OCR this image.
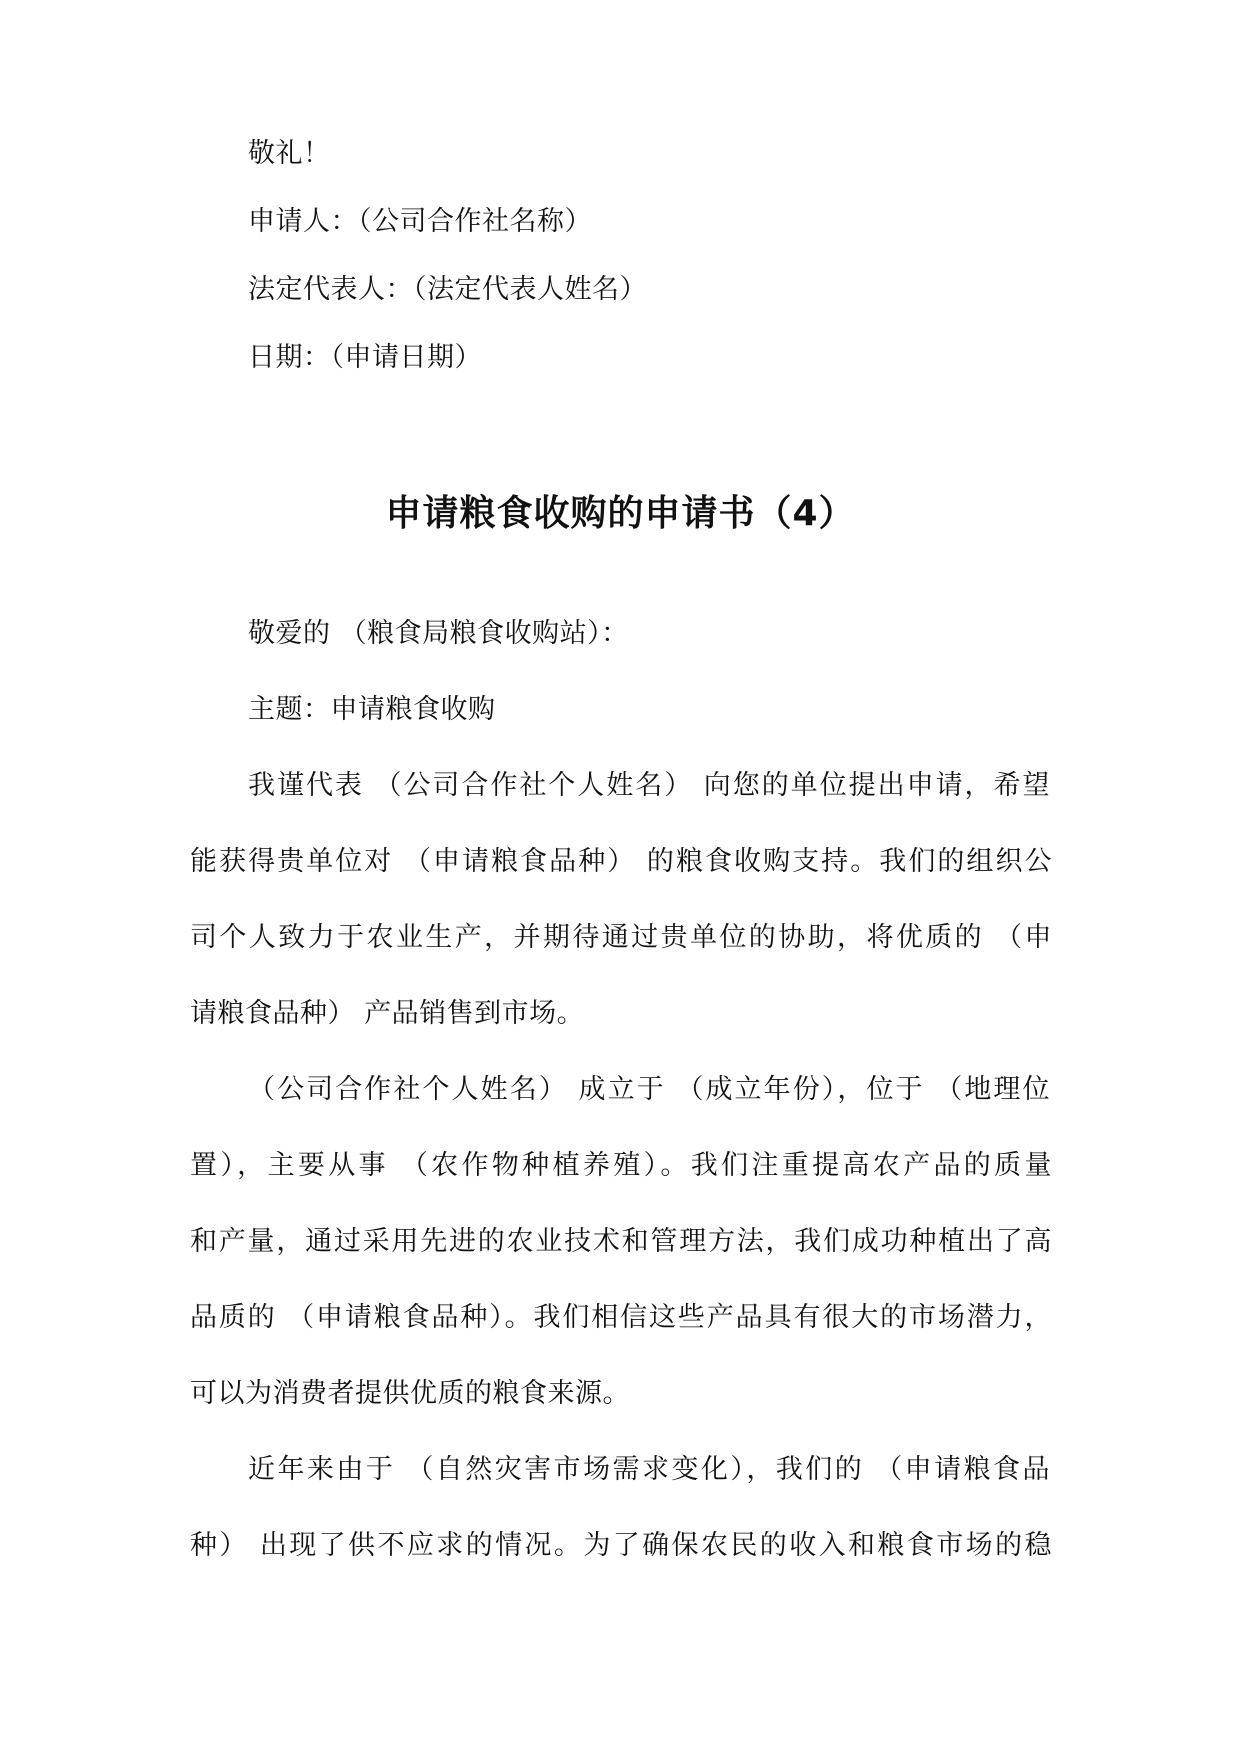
敬礼！
申请人：（公司合作社名称）
法定代表人：（法定代表人姓名）
日期：（申请日期）
申请粮食收购的申请书（4）
敬爱的 （粮食局粮食收购站）：
主题：申请粮食收购
我谨代表 （公司合作社个人姓名） 向您的单位提出申请，希望
能获得贵单位对 （申请粮食品种） 的粮食收购支持。我们的组织公
司个人致力于农业生产，并期待通过贵单位的协助，将优质的 （申
请粮食品种） 产品销售到市场。
（公司合作社个人姓名） 成立于 （成立年份），位于 （地理位
置），主要从事 （农作物种植养殖）。我们注重提高农产品的质量
和产量，通过采用先进的农业技术和管理方法，我们成功种植出了高
品质的 （申请粮食品种）。我们相信这些产品具有很大的市场潜力，
可以为消费者提供优质的粮食来源。
近年来由于 （自然灾害市场需求变化），我们的 （申请粮食品
种） 出现了供不应求的情况。为了确保农民的收入和粮食市场的稳
